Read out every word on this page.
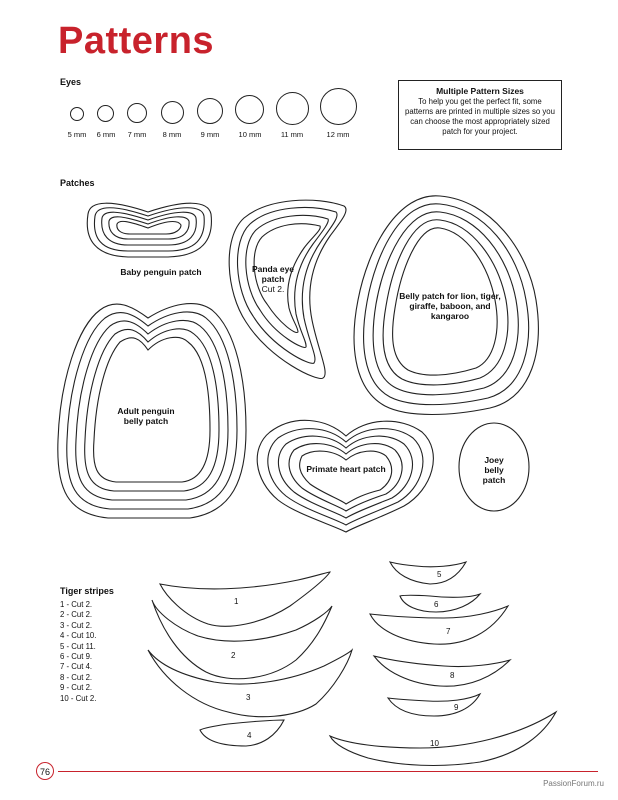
Patterns
Eyes
5 mm	6 mm	7 mm	8 mm	9 mm	10 mm	11 mm	12 mm
Multiple Pattern Sizes
To help you get the perfect fit, some patterns are printed in multiple sizes so you can choose the most appropriately sized patch for your project.
Patches
Baby penguin patch	Panda eye patch
Cut 2.
Belly patch for lion, tiger, giraffe, baboon, and kangaroo
Adult penguin belly patch
Primate heart patch
Joey belly patch
Tiger stripes
1 - Cut 2.
2 - Cut 2.
3 - Cut 2.
4 - Cut 10.
5 - Cut 11.
6 - Cut 9.
7 - Cut 4.
8 - Cut 2.
9 - Cut 2.
10 - Cut 2.
1
2
3
4
5
6
7
8
9
10
76
PassionForum.ru
